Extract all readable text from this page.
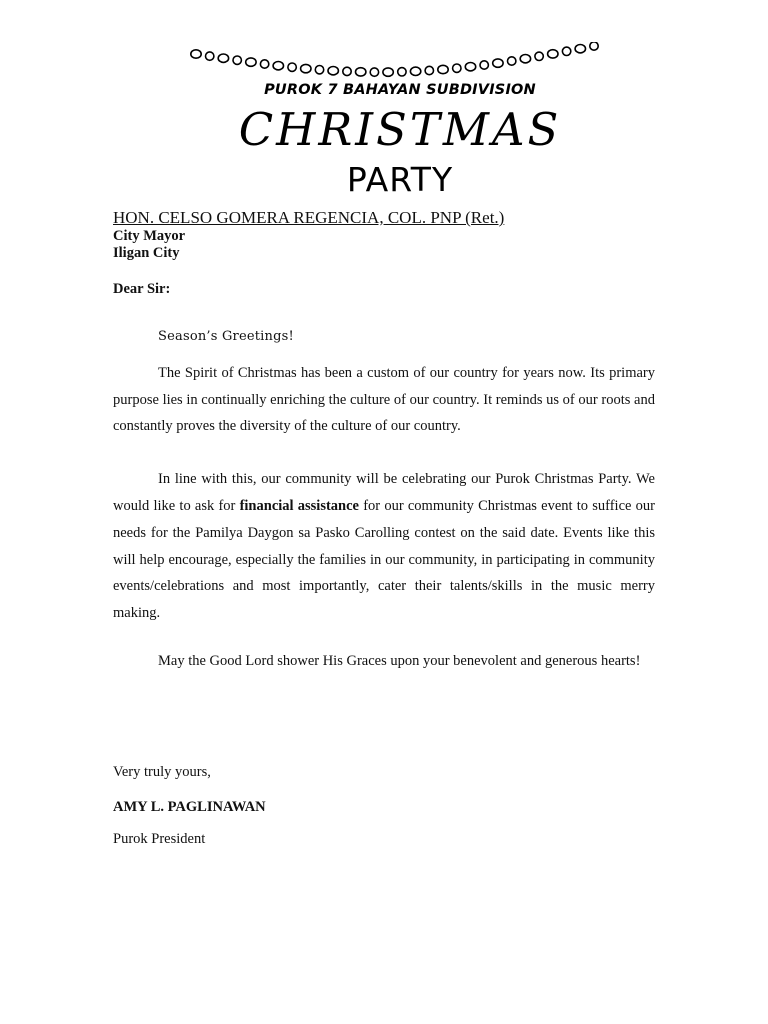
PUROK 7 BAHAYAN SUBDIVISION
CHRISTMAS
PARTY

HON. CELSO GOMERA REGENCIA, COL. PNP (Ret.)

City Mayor

Iligan City

Dear Sir:

Season’s Greetings!

The Spirit of Christmas has been a custom of our country for years now. Its primary purpose lies in continually enriching the culture of our country. It reminds us of our roots and constantly proves the diversity of the culture of our country.

In line with this, our community will be celebrating our Purok Christmas Party. We would like to ask for financial assistance for our community Christmas event to suffice our needs for the Pamilya Daygon sa Pasko Carolling contest on the said date. Events like this will help encourage, especially the families in our community, in participating in community events/celebrations and most importantly, cater their talents/skills in the music merry making.

May the Good Lord shower His Graces upon your benevolent and generous hearts!

Very truly yours,

AMY L. PAGLINAWAN

Purok President
